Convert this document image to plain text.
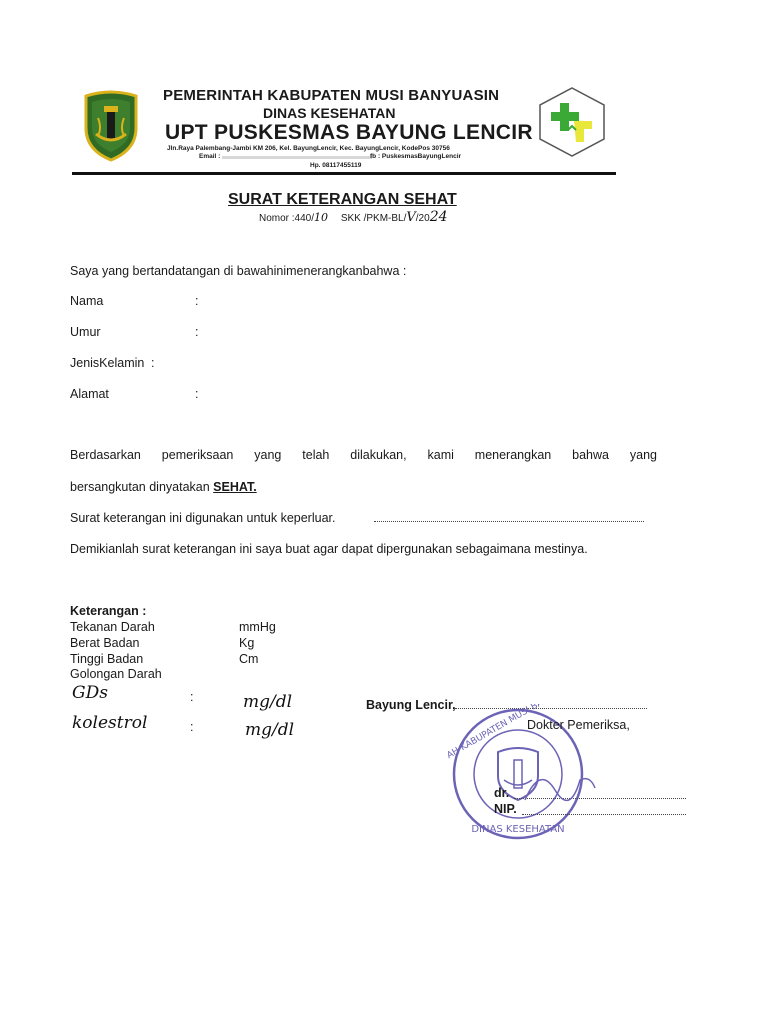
PEMERINTAH KABUPATEN MUSI BANYUASIN
DINAS KESEHATAN
UPT PUSKESMAS BAYUNG LENCIR
Jln.Raya Palembang-Jambi KM 206, Kel. BayungLencir, Kec. BayungLencir, KodePos 30756
Email :	fb : PuskesmasBayungLencir
Hp. 08117455119
SURAT KETERANGAN SEHAT
Nomor :440/10 SKK /PKM-BL/V/2024
Saya yang bertandatangan di bawahinimenerangkanbahwa :
Nama	:
Umur	:
JenisKelamin :
Alamat	:
Berdasarkan pemeriksaan yang telah dilakukan, kami menerangkan bahwa yang
bersangkutan dinyatakan SEHAT.
Surat keterangan ini digunakan untuk keperluar.
Demikianlah surat keterangan ini saya buat agar dapat dipergunakan sebagaimana mestinya.
Keterangan :
Tekanan Darah	mmHg
Berat Badan	Kg
Tinggi Badan	Cm
Golongan Darah
GDs	:	mg/dl
kolestrol	:	mg/dl
Bayung Lencir,
PEMERINTAH KABUPATEN MUSI
DINAS KESEHATAN
Dokter Pemeriksa,
dr.
NIP.
